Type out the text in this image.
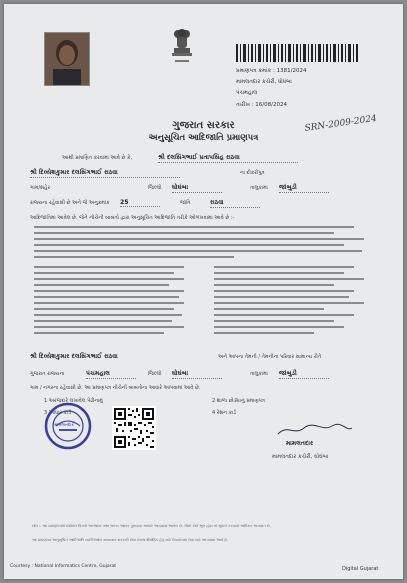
પ્રમાણપત્ર ક્રમાંક : 1381/2024
મામલતદાર કચેરી, ધોધંબા
પંચમહાલ
તારીખ : 16/08/2024
SRN-2009-2024
ગુજરાત સરકાર
અનુસૂચિત આદિજાતિ પ્રમાણપત્ર
આથી પ્રમાણિત કરવામાં આવે છે કે,	શ્રી દલસિંગભાઈ પ્રતાપસિંહ રાઠવા
શ્રી દિવ્યેશકુમાર દલસિંગભાઈ રાઠવા	ના દીકરીપુત્ર
ગામ/શહેર	જિલ્લો ઘોઘંબા	તાલુકામાં જાંબુડી
રાજ્યના રહેવાસી છે અને જે અનુક્રમાંક 25	જાતિ	રાઠવા
આદિજાતિમાં આવેલ છે. જેને નીચેની બાબતો દ્વારા અનુસૂચિત આદિજાતિ તરીકે ઓળખવામાં આવે છે :-
શ્રી દિવ્યેશકુમાર દલસિંગભાઈ રાઠવા	અને આપના તેમની / તેમનીના પરિવાર સામાન્ય રીતે
ગુજરાત રાજ્યના	પંચમહાલ	જિલ્લો ઘોઘંબા	તાલુકામાં જાંબુડી
ગામ / નગરના રહેવાસી છે. આ પ્રમાણપત્ર નીચેની બાબતોના આધારે આપવામાં આવે છે.
1 અરજદારે લખાવેલ પેઢીનામું	2 શાળા છોડ્યાનું પ્રમાણપત્ર
3 આધાર કાર્ડ	4 રેશન કાર્ડ
મામલતદાર
મામલતદાર
મામલતદાર કચેરી, ઘોઘંબા
નોંધ :- આ પ્રમાણપત્રમાં દર્શાવેલ વિગતો અરજદાર તથા અન્ય આધાર પુરાવાના આધારે આપવામાં આવેલ છે. જેમાં કોઈ ભૂલ હોય તો સુધારો કરવાનો અધિકાર અનામત છે.
આ પ્રમાણપત્ર અનુસૂચિત આદિજાતિ વ્યક્તિઓને સમયસર સરકારી સેવા તેમજ શૈક્ષણિક હેતુ માટે ઉપયોગમાં લેવા માટે આપવામાં આવે છે.
Courtesy : National Informatics Centre, Gujarat	Digital Gujarat
